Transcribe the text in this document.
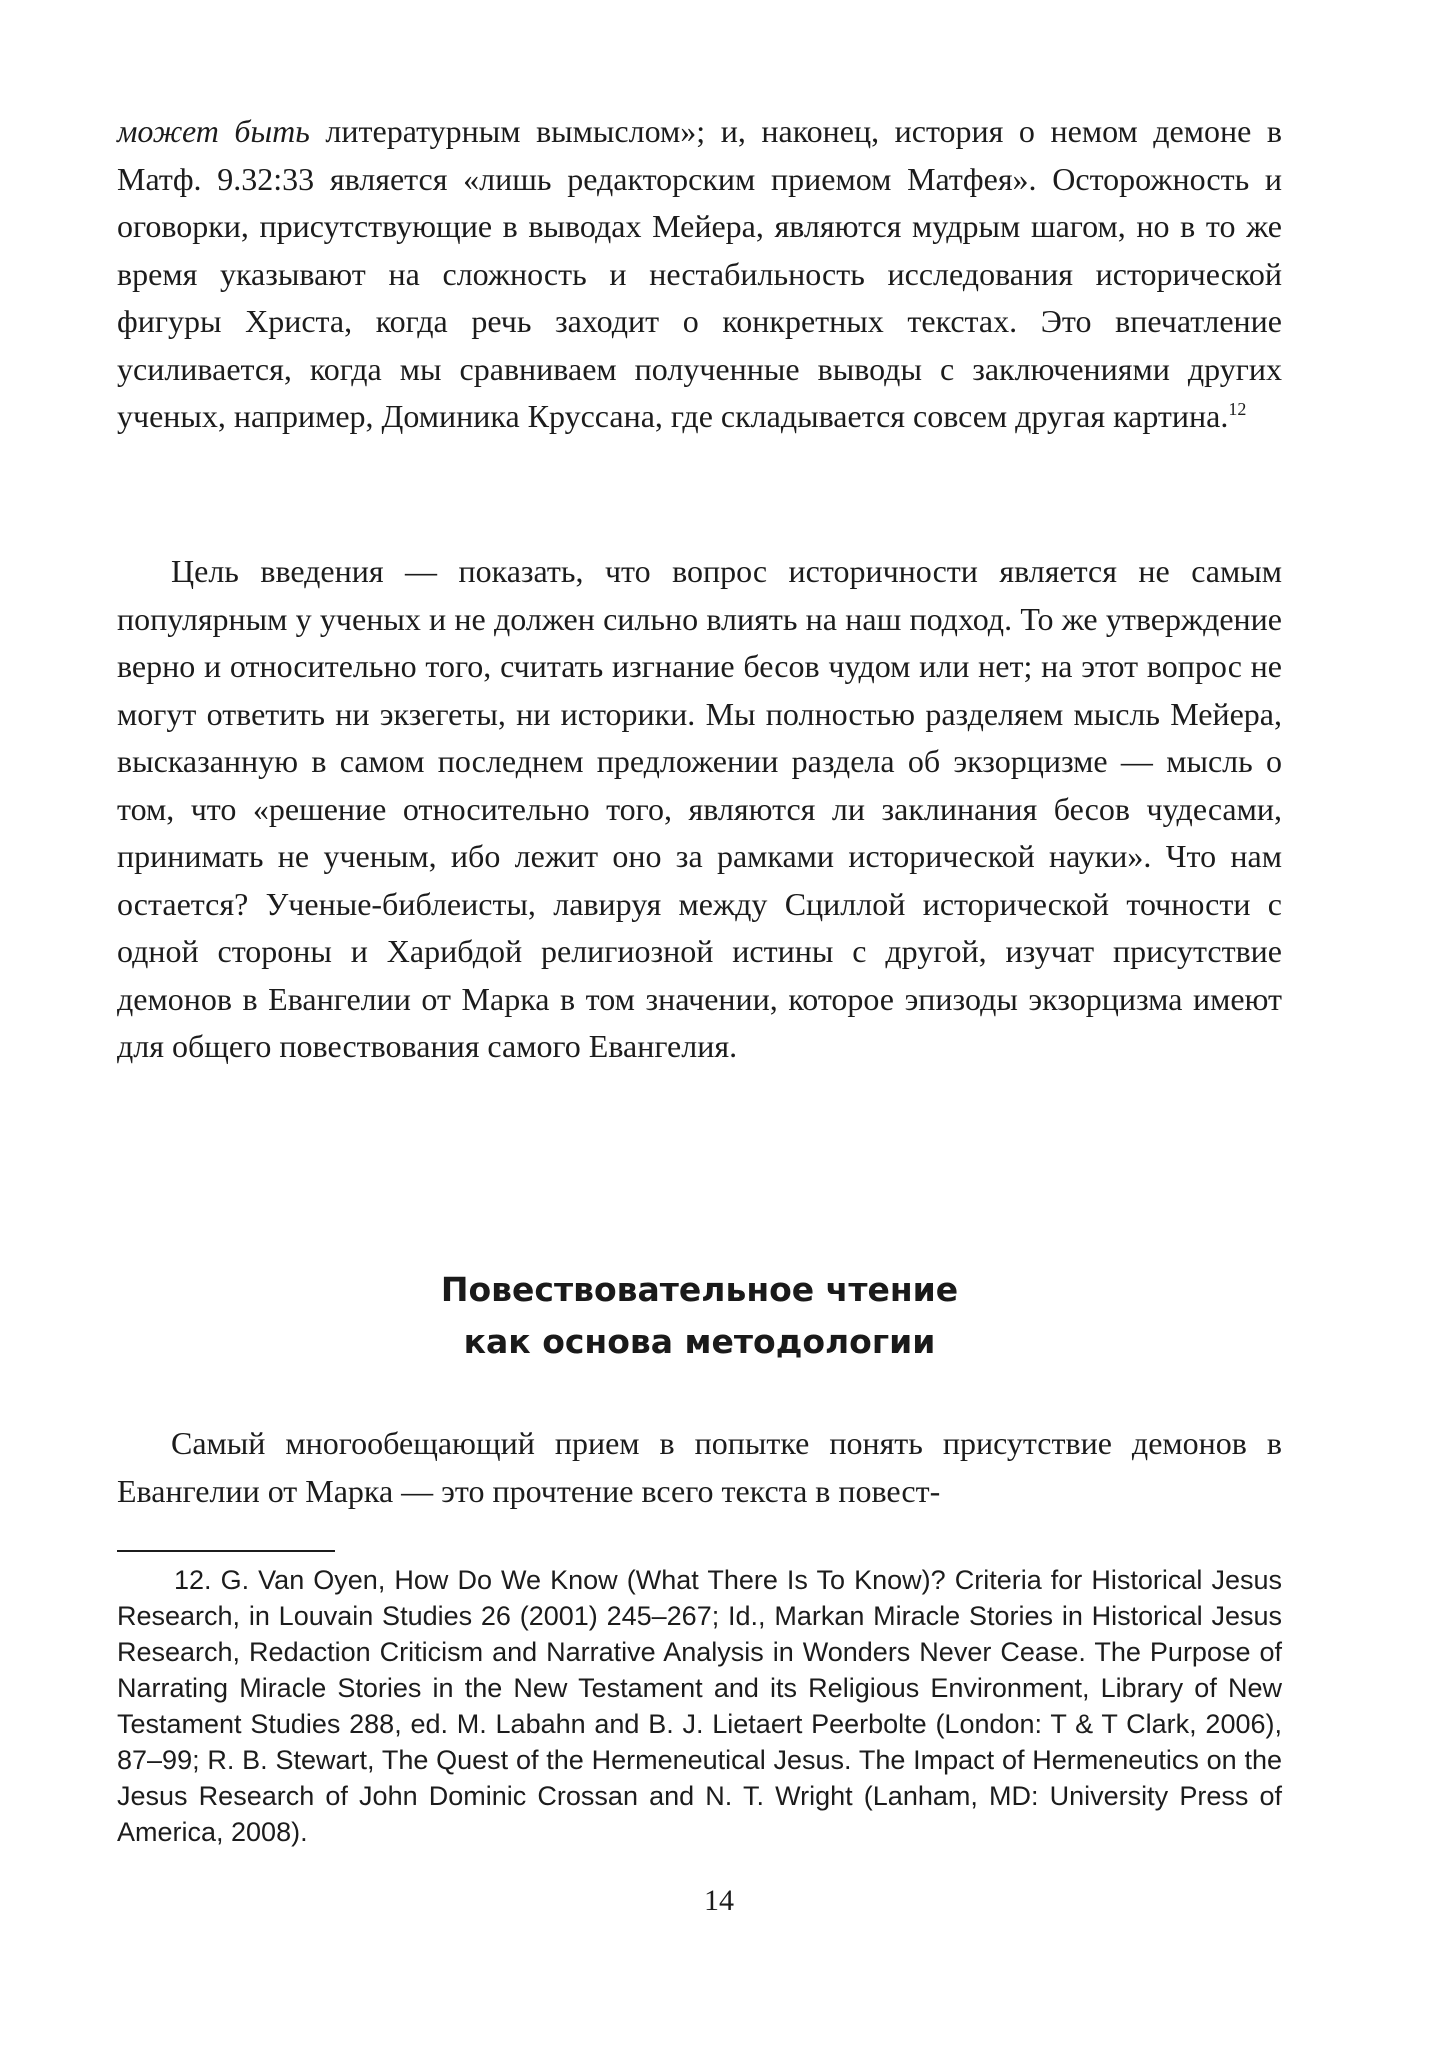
может быть литературным вымыслом»; и, наконец, история о немом демоне в Матф. 9.32:33 является «лишь редакторским приемом Матфея». Осторожность и оговорки, присутствующие в выводах Мейера, являются мудрым шагом, но в то же время указывают на сложность и нестабильность исследования исторической фигуры Христа, когда речь заходит о конкретных текстах. Это впечатление усиливается, когда мы сравниваем полученные выводы с заключениями других ученых, например, Доминика Круссана, где складывается совсем другая картина.$^{12}$

Цель введения — показать, что вопрос историчности является не самым популярным у ученых и не должен сильно влиять на наш подход. То же утверждение верно и относительно того, считать изгнание бесов чудом или нет; на этот вопрос не могут ответить ни экзегеты, ни историки. Мы полностью разделяем мысль Мейера, высказанную в самом последнем предложении раздела об экзорцизме — мысль о том, что «решение относительно того, являются ли заклинания бесов чудесами, принимать не ученым, ибо лежит оно за рамками исторической науки». Что нам остается? Ученые-библеисты, лавируя между Сциллой исторической точности с одной стороны и Харибдой религиозной истины с другой, изучат присутствие демонов в Евангелии от Марка в том значении, которое эпизоды экзорцизма имеют для общего повествования самого Евангелия.

Повествовательное чтение
как основа методологии

Самый многообещающий прием в попытке понять присутствие демонов в Евангелии от Марка — это прочтение всего текста в повест-

12. G. Van Oyen, How Do We Know (What There Is To Know)? Criteria for Historical Jesus Research, in Louvain Studies 26 (2001) 245–267; Id., Markan Miracle Stories in Historical Jesus Research, Redaction Criticism and Narrative Analysis in Wonders Never Cease. The Purpose of Narrating Miracle Stories in the New Testament and its Religious Environment, Library of New Testament Studies 288, ed. M. Labahn and B. J. Lietaert Peerbolte (London: T & T Clark, 2006), 87–99; R. B. Stewart, The Quest of the Hermeneutical Jesus. The Impact of Hermeneutics on the Jesus Research of John Dominic Crossan and N. T. Wright (Lanham, MD: University Press of America, 2008).

14
